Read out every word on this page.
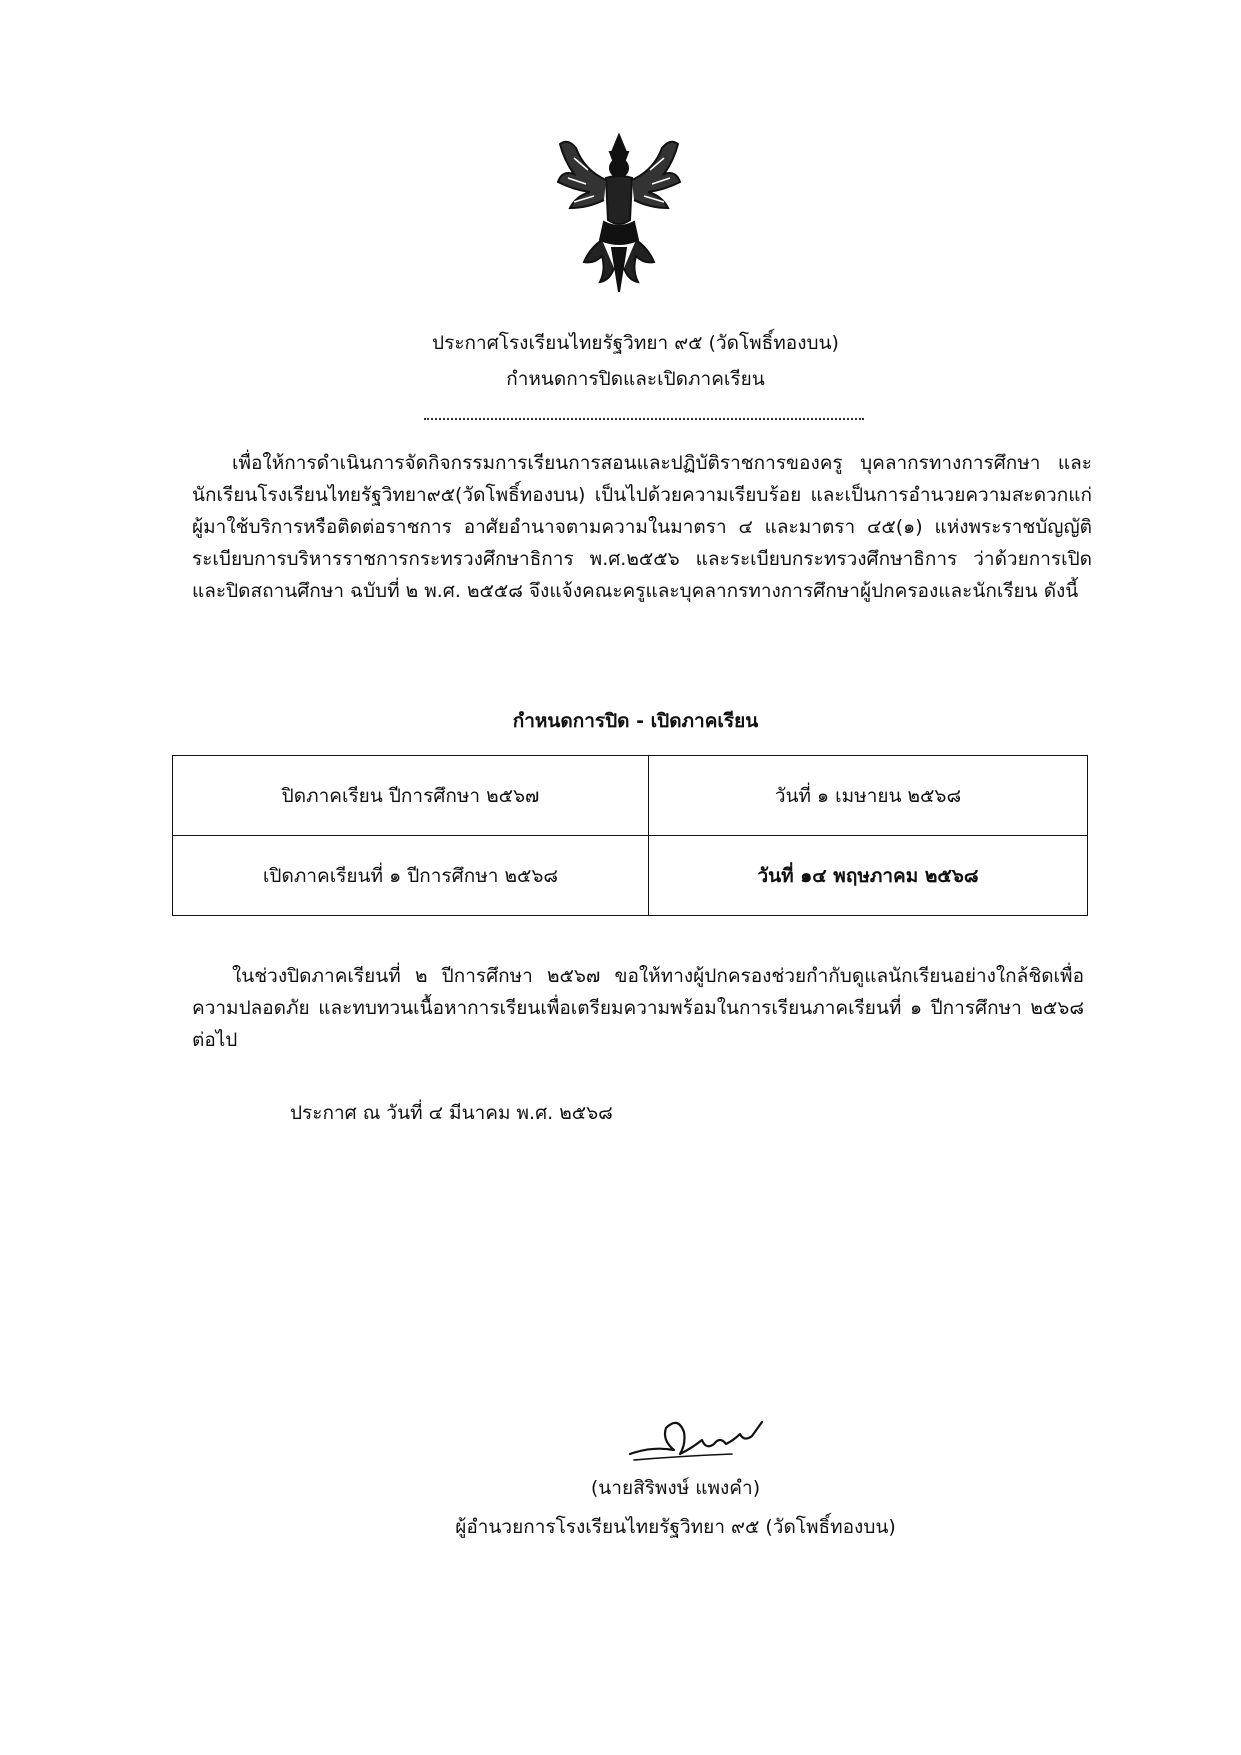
ประกาศโรงเรียนไทยรัฐวิทยา ๙๕ (วัดโพธิ์ทองบน)
กำหนดการปิดและเปิดภาคเรียน
เพื่อให้การดำเนินการจัดกิจกรรมการเรียนการสอนและปฏิบัติราชการของครู บุคลากรทางการศึกษา และนักเรียนโรงเรียนไทยรัฐวิทยา๙๕(วัดโพธิ์ทองบน) เป็นไปด้วยความเรียบร้อย และเป็นการอำนวยความสะดวกแก่ผู้มาใช้บริการหรือติดต่อราชการ อาศัยอำนาจตามความในมาตรา ๔ และมาตรา ๔๕(๑) แห่งพระราชบัญญัติระเบียบการบริหารราชการกระทรวงศึกษาธิการ พ.ศ.๒๕๕๖ และระเบียบกระทรวงศึกษาธิการ ว่าด้วยการเปิดและปิดสถานศึกษา ฉบับที่ ๒ พ.ศ. ๒๕๕๘ จึงแจ้งคณะครูและบุคลากรทางการศึกษาผู้ปกครองและนักเรียน ดังนี้
กำหนดการปิด - เปิดภาคเรียน
ปิดภาคเรียน ปีการศึกษา ๒๕๖๗	วันที่ ๑ เมษายน ๒๕๖๘
เปิดภาคเรียนที่ ๑ ปีการศึกษา ๒๕๖๘	วันที่ ๑๔ พฤษภาคม ๒๕๖๘
ในช่วงปิดภาคเรียนที่ ๒ ปีการศึกษา ๒๕๖๗ ขอให้ทางผู้ปกครองช่วยกำกับดูแลนักเรียนอย่างใกล้ชิดเพื่อความปลอดภัย และทบทวนเนื้อหาการเรียนเพื่อเตรียมความพร้อมในการเรียนภาคเรียนที่ ๑ ปีการศึกษา ๒๕๖๘ ต่อไป
ประกาศ ณ วันที่ ๔ มีนาคม พ.ศ. ๒๕๖๘
(นายสิริพงษ์ แพงคำ)
ผู้อำนวยการโรงเรียนไทยรัฐวิทยา ๙๕ (วัดโพธิ์ทองบน)
